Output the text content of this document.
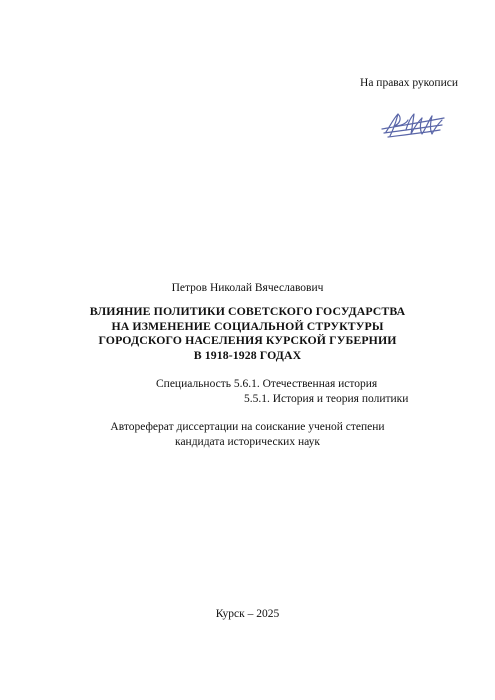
На правах рукописи
Петров Николай Вячеславович
ВЛИЯНИЕ ПОЛИТИКИ СОВЕТСКОГО ГОСУДАРСТВА
НА ИЗМЕНЕНИЕ СОЦИАЛЬНОЙ СТРУКТУРЫ
ГОРОДСКОГО НАСЕЛЕНИЯ КУРСКОЙ ГУБЕРНИИ
В 1918-1928 ГОДАХ
Специальность 5.6.1. Отечественная история
5.5.1. История и теория политики
Автореферат диссертации на соискание ученой степени
кандидата исторических наук
Курск – 2025
